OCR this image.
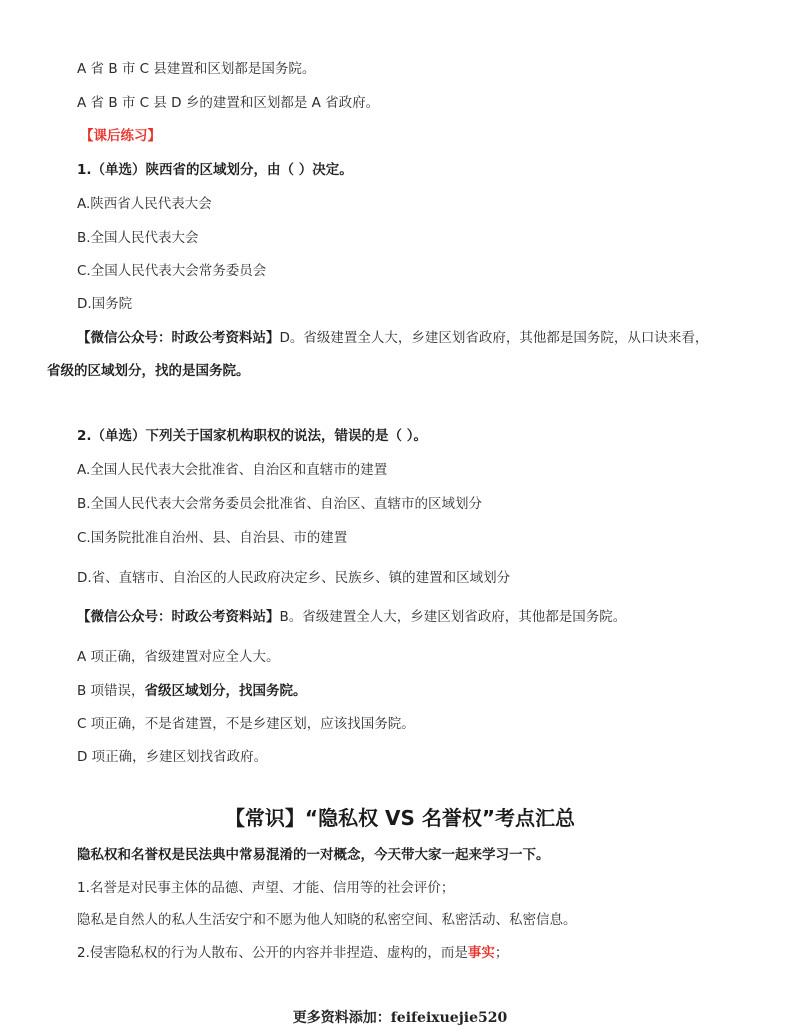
A 省 B 市 C 县建置和区划都是国务院。
A 省 B 市 C 县 D 乡的建置和区划都是 A 省政府。
【课后练习】
1.（单选）陕西省的区域划分，由（ ）决定。
A.陕西省人民代表大会
B.全国人民代表大会
C.全国人民代表大会常务委员会
D.国务院
【微信公众号：时政公考资料站】D。省级建置全人大，乡建区划省政府，其他都是国务院，从口诀来看，
省级的区域划分，找的是国务院。
2.（单选）下列关于国家机构职权的说法，错误的是（ ）。
A.全国人民代表大会批准省、自治区和直辖市的建置
B.全国人民代表大会常务委员会批准省、自治区、直辖市的区域划分
C.国务院批准自治州、县、自治县、市的建置
D.省、直辖市、自治区的人民政府决定乡、民族乡、镇的建置和区域划分
【微信公众号：时政公考资料站】B。省级建置全人大，乡建区划省政府，其他都是国务院。
A 项正确，省级建置对应全人大。
B 项错误，省级区域划分，找国务院。
C 项正确，不是省建置，不是乡建区划，应该找国务院。
D 项正确，乡建区划找省政府。
【常识】“隐私权 VS 名誉权”考点汇总
隐私权和名誉权是民法典中常易混淆的一对概念，今天带大家一起来学习一下。
1.名誉是对民事主体的品德、声望、才能、信用等的社会评价；
隐私是自然人的私人生活安宁和不愿为他人知晓的私密空间、私密活动、私密信息。
2.侵害隐私权的行为人散布、公开的内容并非捏造、虚构的，而是事实；
更多资料添加：feifeixuejie520
